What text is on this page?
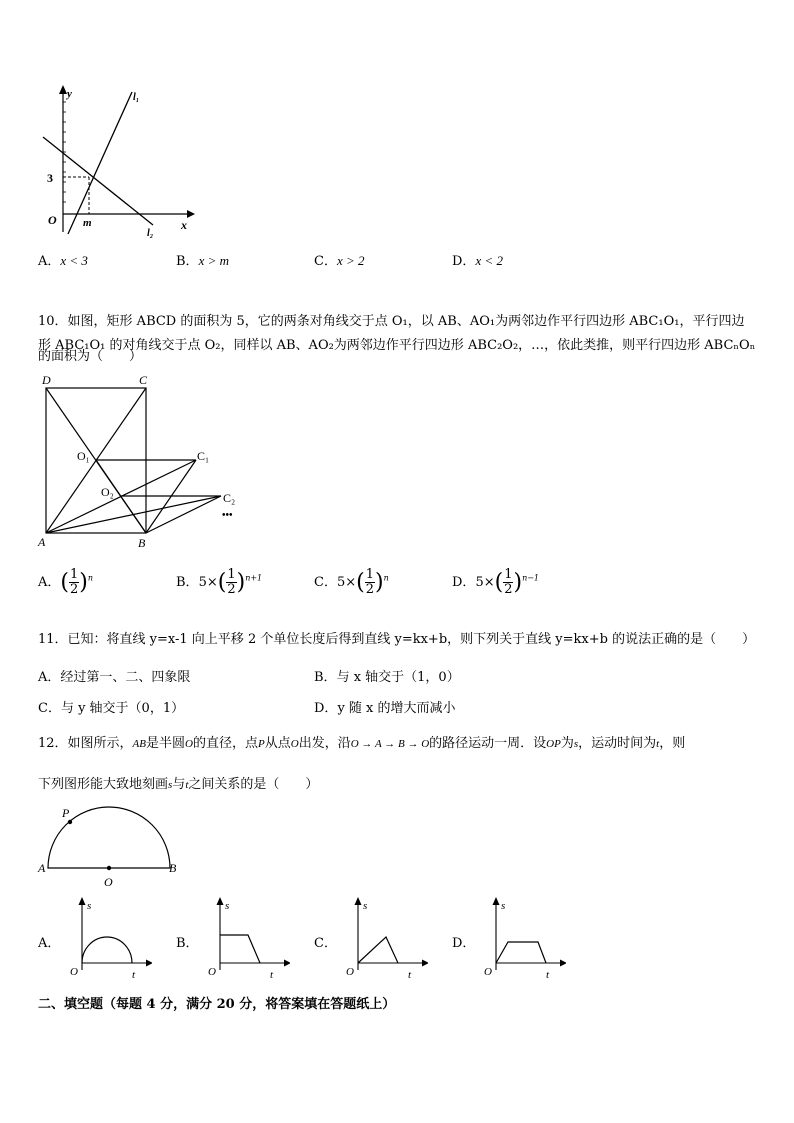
y
x
l₁
l₂
3
O m
A．x < 3	B．x > m	C．x > 2	D．x < 2
10．如图，矩形 ABCD 的面积为 5，它的两条对角线交于点 O₁，以 AB、AO₁为两邻边作平行四边形 ABC₁O₁，平行四边
形 ABC₁O₁ 的对角线交于点 O₂，同样以 AB、AO₂为两邻边作平行四边形 ABC₂O₂，…，依此类推，则平行四边形 ABCₙOₙ
的面积为（　　）
D	C
O₁	C₁
O₂	C₂
•••
A	B
A．( $\frac{1}{2} )^n$	B．$5\times( \frac{1}{2} )^{n+1}$	C．$5\times( \frac{1}{2} )^n$	D．$5\times( \frac{1}{2} )^{n-1}$
11．已知：将直线 y=x-1 向上平移 2 个单位长度后得到直线 y=kx+b，则下列关于直线 y=kx+b 的说法正确的是（　　）
A．经过第一、二、四象限	B．与 x 轴交于（1，0）
C．与 y 轴交于（0，1）	D．y 随 x 的增大而减小
12．如图所示，AB是半圆O的直径，点P从点O出发，沿O → A → B → O的路径运动一周．设OP为s，运动时间为t，则
下列图形能大致地刻画s与t之间关系的是（　　）
P
A
O
B
A．
s
O	t
B．
s
O	t
C．
s
O	t
D．
s
O	t
二、填空题（每题 4 分，满分 20 分，将答案填在答题纸上）
